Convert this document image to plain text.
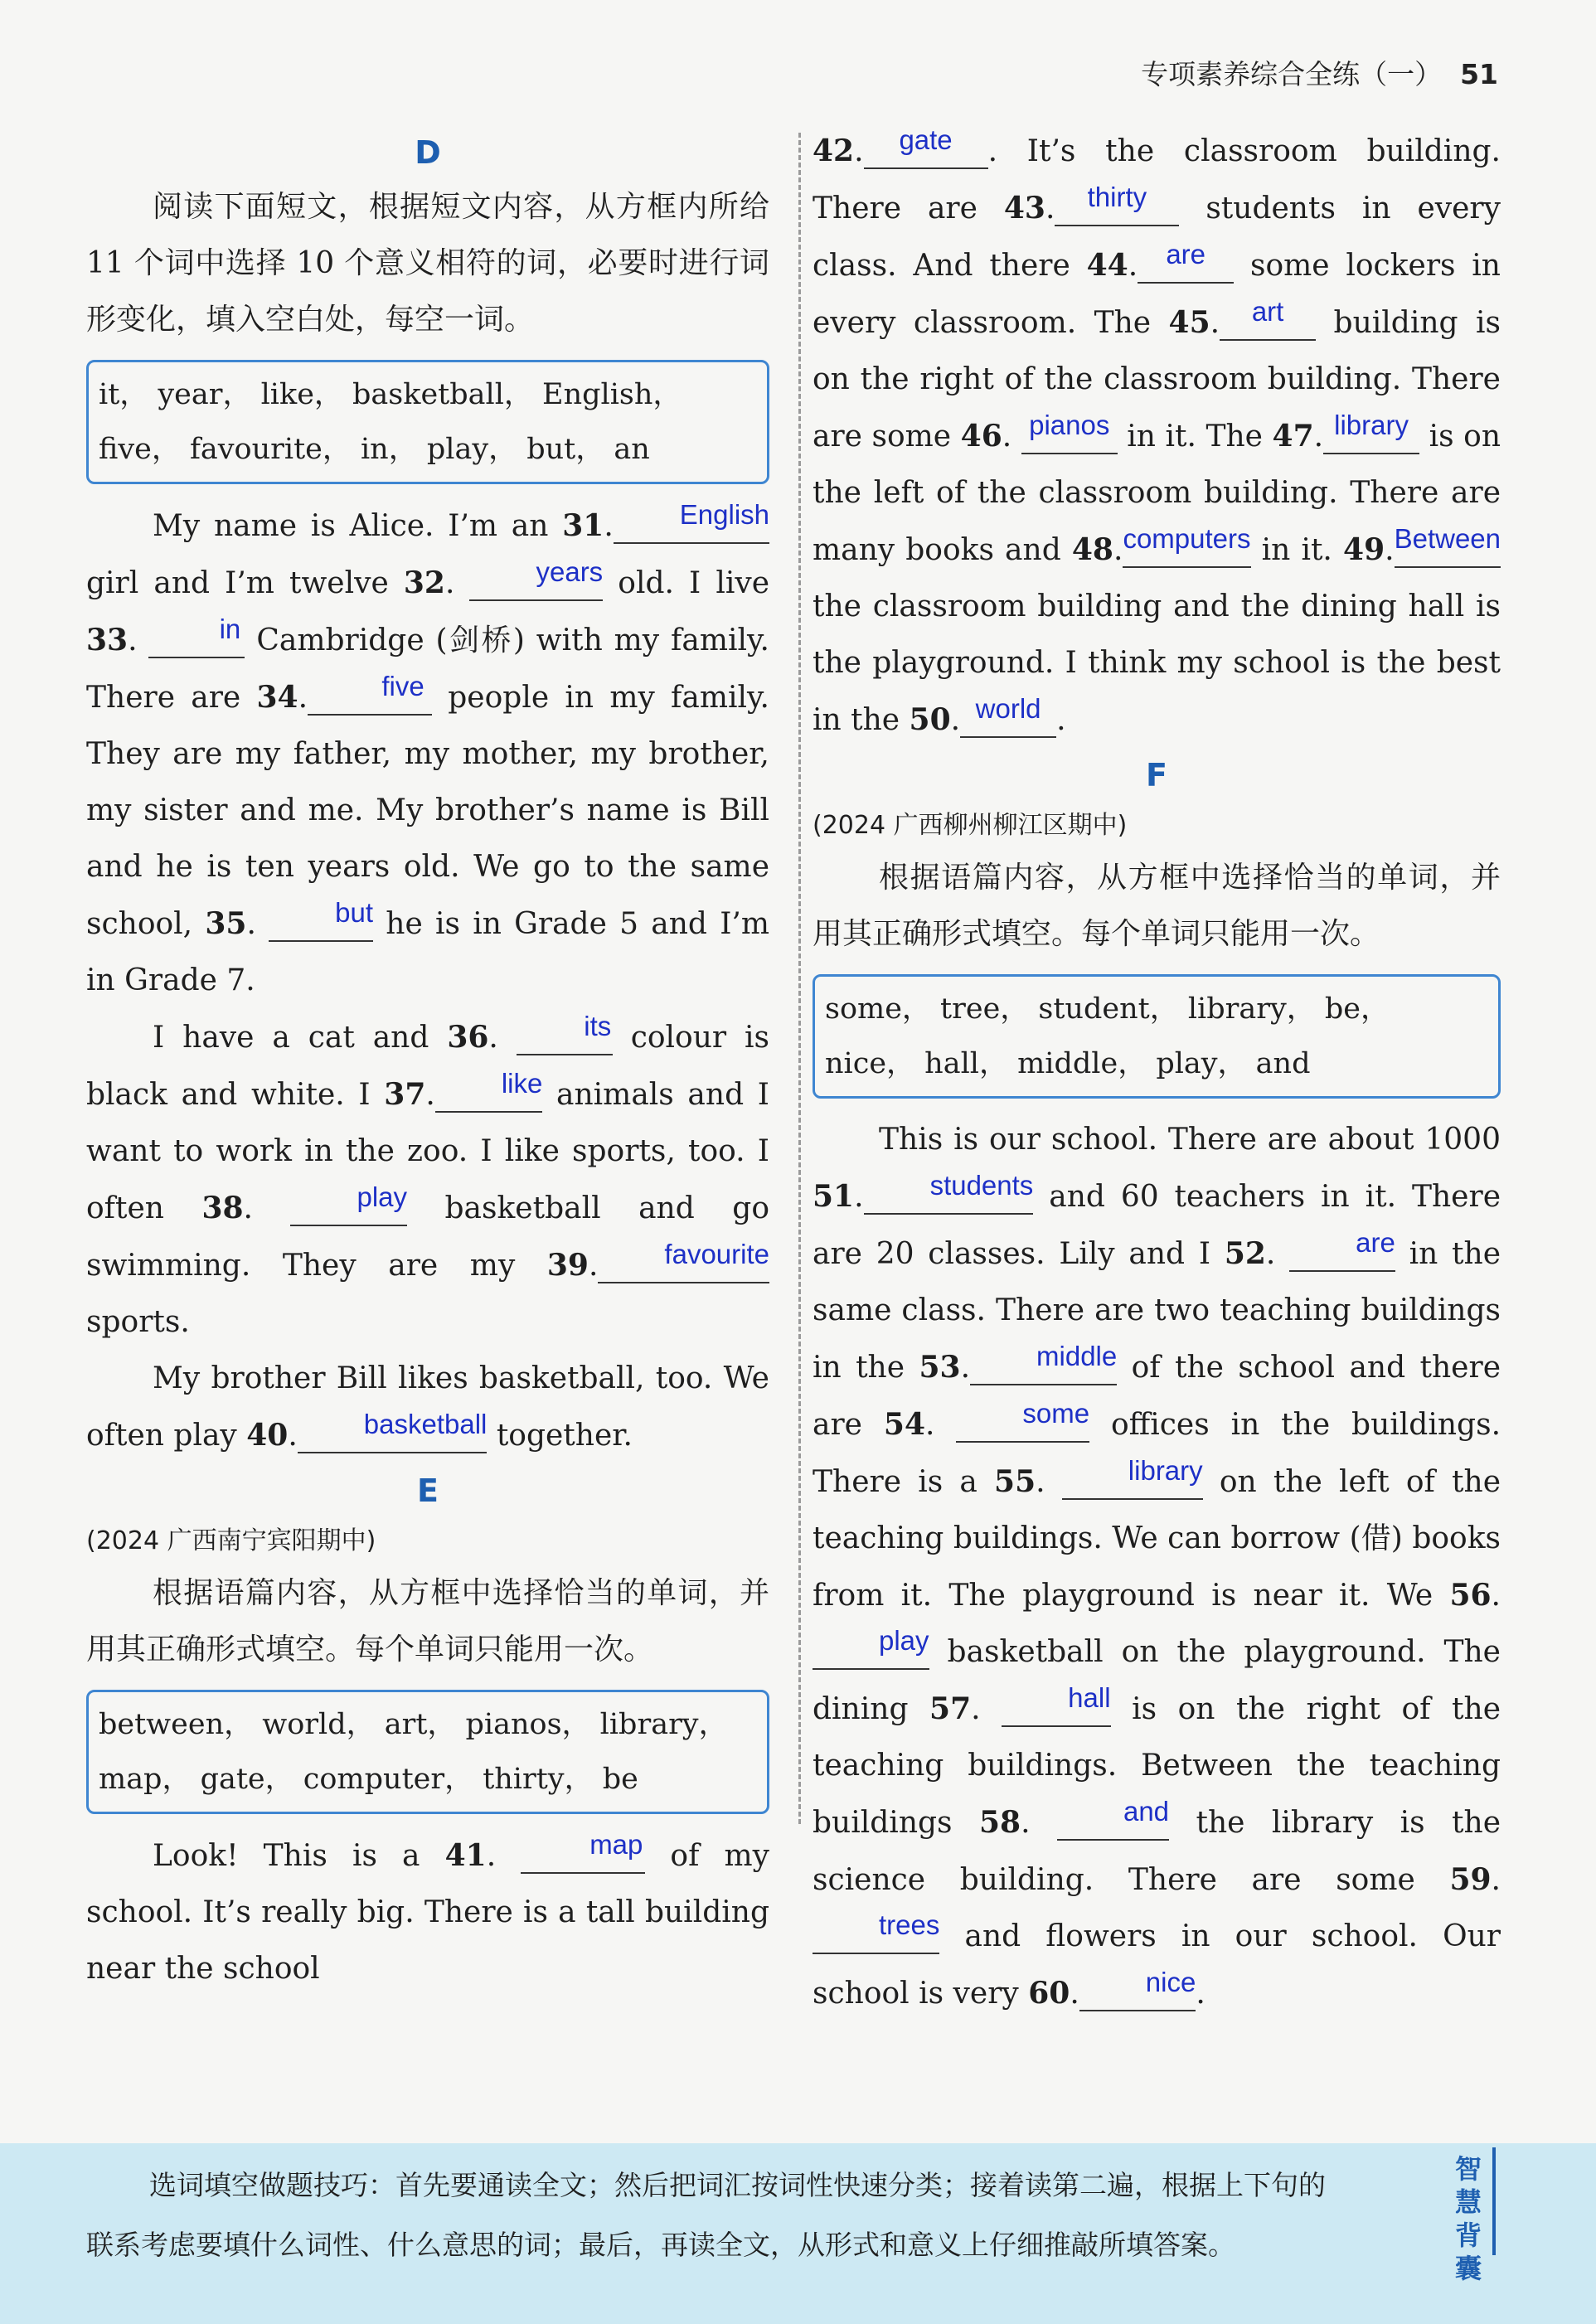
专项素养综合全练（一） 51
D

阅读下面短文，根据短文内容，从方框内所给 11 个词中选择 10 个意义相符的词，必要时进行词形变化，填入空白处，每空一词。

it， year， like， basketball， English， five， favourite， in， play， but， an

My name is Alice. I’m an 31. Englishgirl and I’m twelve 32. years old. I live 33.	in Cambridge (剑桥) with my family. There are 34.	five people in my family. They are my father, my mother, my brother, my sister and me. My brother’s name is Bill and he is ten years old. We go to the same school, 35. but he is in Grade 5 and I’m in Grade 7.

I have a cat and 36. its colour is black and white. I 37. like animals and I want to work in the zoo. I like sports, too. I often 38. play basketball and go swimming. They are my 39. favourite sports.

My brother Bill likes basketball, too. We often play 40. basketball together.

E

(2024 广西南宁宾阳期中)

根据语篇内容，从方框中选择恰当的单词，并用其正确形式填空。每个单词只能用一次。

between， world， art， pianos， library， map， gate， computer， thirty， be

Look! This is a 41.	map of my school. It’s really big. There is a tall building near the school

42. gate . It’s the classroom building. There are 43. thirty students in every class. And there 44. are some lockers in every classroom. The 45. art building is on the right of the classroom building. There are some 46. pianos in it. The 47. library is on the left of the classroom building. There are many books and 48.computers in it. 49.Between the classroom building and the dining hall is the playground. I think my school is the best in the 50. world .

F

(2024 广西柳州柳江区期中)

根据语篇内容，从方框中选择恰当的单词，并用其正确形式填空。每个单词只能用一次。

some， tree， student， library， be， nice， hall， middle， play， and

This is our school. There are about 1000 51. students and 60 teachers in it. There are 20 classes. Lily and I 52. are in the same class. There are two teaching buildings in the 53. middle of the school and there are 54. some offices in the buildings. There is a 55. library on the left of the teaching buildings. We can borrow (借) books from it. The playground is near it. We 56. play basketball on the playground. The dining 57. hall is on the right of the teaching buildings. Between the teaching buildings 58. and the library is the science building. There are some 59. trees and flowers in our school. Our school is very 60. nice.

选词填空做题技巧：首先要通读全文；然后把词汇按词性快速分类；接着读第二遍，根据上下句的
联系考虑要填什么词性、什么意思的词；最后，再读全文，从形式和意义上仔细推敲所填答案。
智慧背囊
